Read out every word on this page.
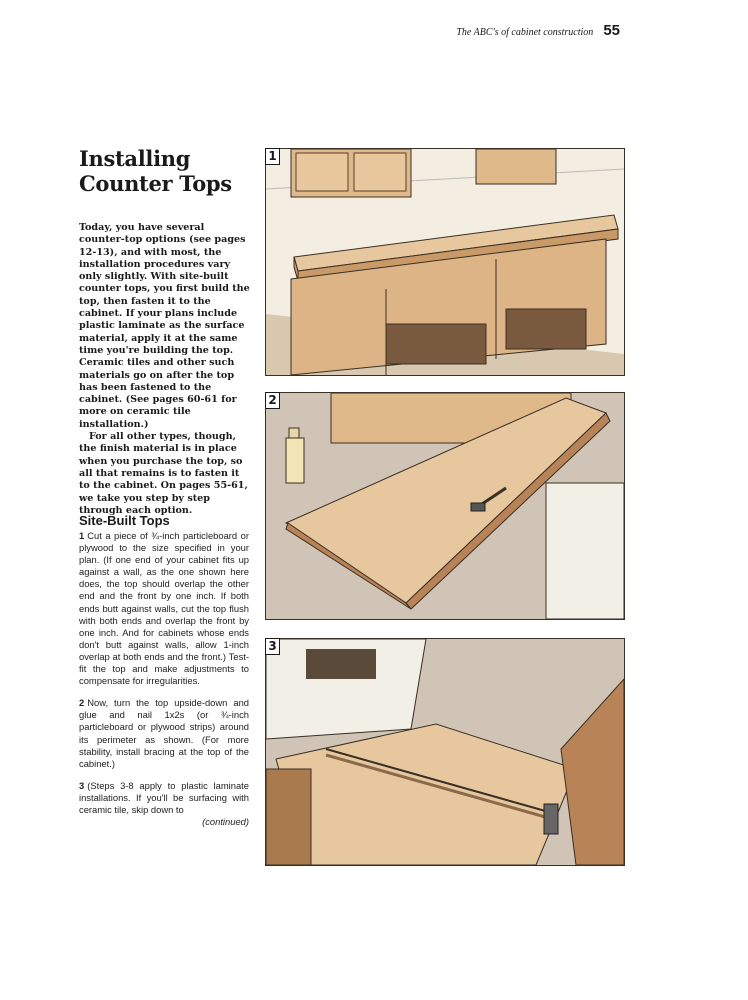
The ABC's of cabinet construction 55
Installing
Counter Tops

Today, you have several counter-top options (see pages 12-13), and with most, the installation procedures vary only slightly. With site-built counter tops, you first build the top, then fasten it to the cabinet. If your plans include plastic laminate as the surface material, apply it at the same time you're building the top. Ceramic tiles and other such materials go on after the top has been fastened to the cabinet. (See pages 60-61 for more on ceramic tile installation.)

For all other types, though, the finish material is in place when you purchase the top, so all that remains is to fasten it to the cabinet. On pages 55-61, we take you step by step through each option.

Site-Built Tops

1 Cut a piece of ¾-inch particleboard or plywood to the size specified in your plan. (If one end of your cabinet fits up against a wall, as the one shown here does, the top should overlap the other end and the front by one inch. If both ends butt against walls, cut the top flush with both ends and overlap the front by one inch. And for cabinets whose ends don't butt against walls, allow 1-inch overlap at both ends and the front.) Test-fit the top and make adjustments to compensate for irregularities.

2 Now, turn the top upside-down and glue and nail 1x2s (or ¾-inch particleboard or plywood strips) around its perimeter as shown. (For more stability, install bracing at the top of the cabinet.)

3 (Steps 3-8 apply to plastic laminate installations. If you'll be surfacing with ceramic tile, skip down to

(continued)

1
2
3
